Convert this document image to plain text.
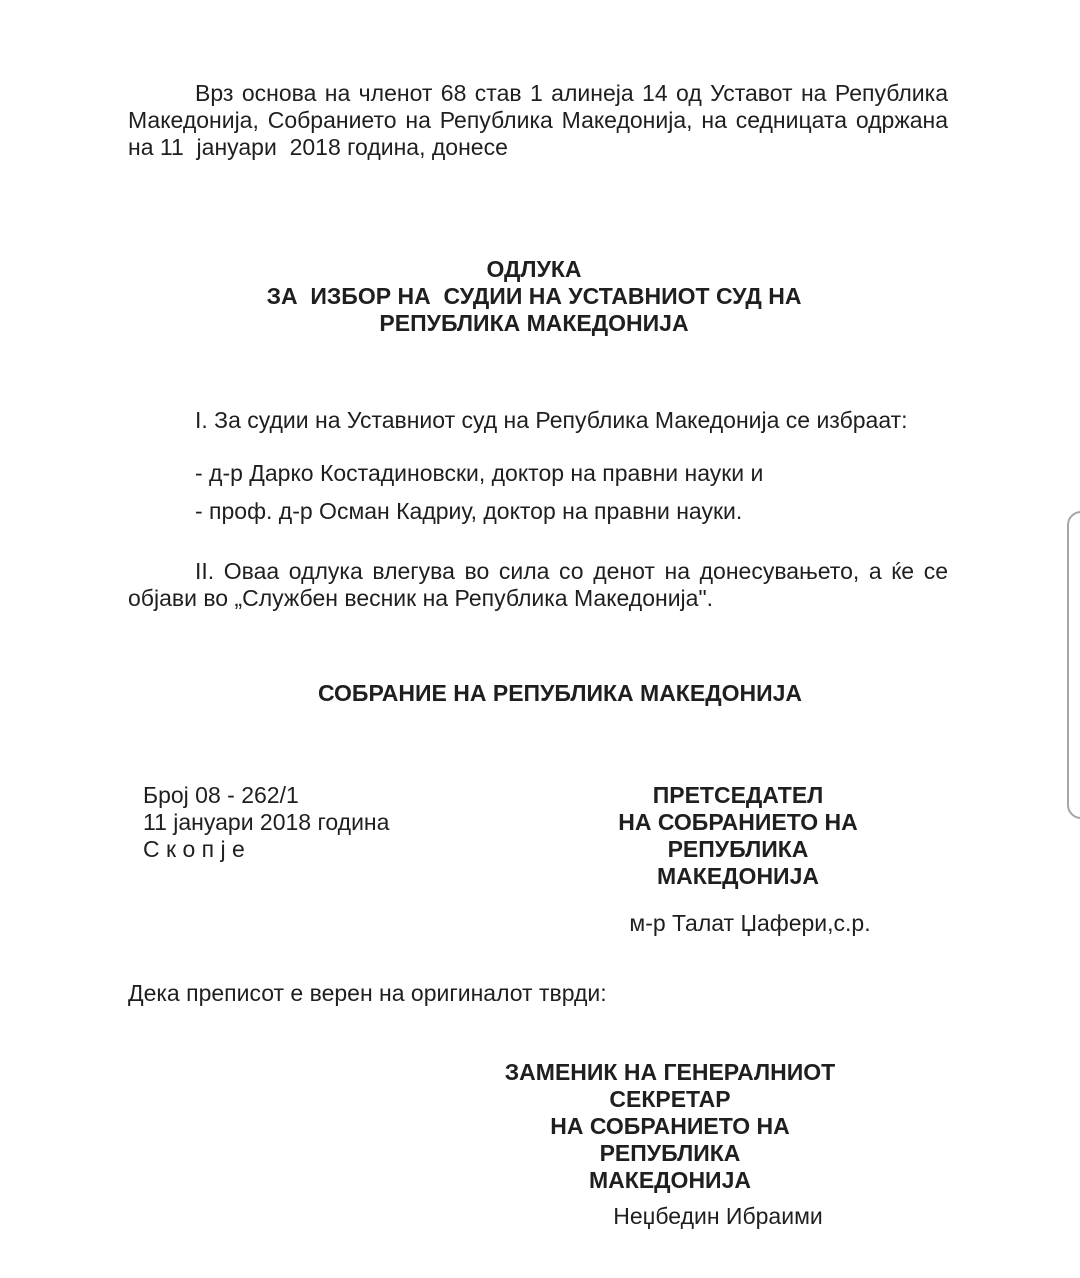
Врз основа на членот 68 став 1 алинеја 14 од Уставот на Република Македонија, Собранието на Република Македонија, на седницата одржана на 11  јануари  2018 година, донесе

ОДЛУКА
ЗА  ИЗБОР НА  СУДИИ НА УСТАВНИОТ СУД НА
РЕПУБЛИКА МАКЕДОНИЈА

I. За судии на Уставниот суд на Република Македонија се избраат:

- д-р Дарко Костадиновски, доктор на правни науки и

- проф. д-р Осман Кадриу, доктор на правни науки.

II. Оваа одлука влегува во сила со денот на донесувањето, а ќе се објави во „Службен весник на Република Македонија".

СОБРАНИЕ НА РЕПУБЛИКА МАКЕДОНИЈА
Број 08 - 262/1
11 јануари 2018 година
С к о п ј е
ПРЕТСЕДАТЕЛ
НА СОБРАНИЕТО НА РЕПУБЛИКА
МАКЕДОНИЈА
м-р Талат Џафери,с.р.

Дека преписот е верен на оригиналот тврди:

ЗАМЕНИК НА ГЕНЕРАЛНИОТ СЕКРЕТАР
НА СОБРАНИЕТО НА РЕПУБЛИКА
МАКЕДОНИЈА
Неџбедин Ибраими
